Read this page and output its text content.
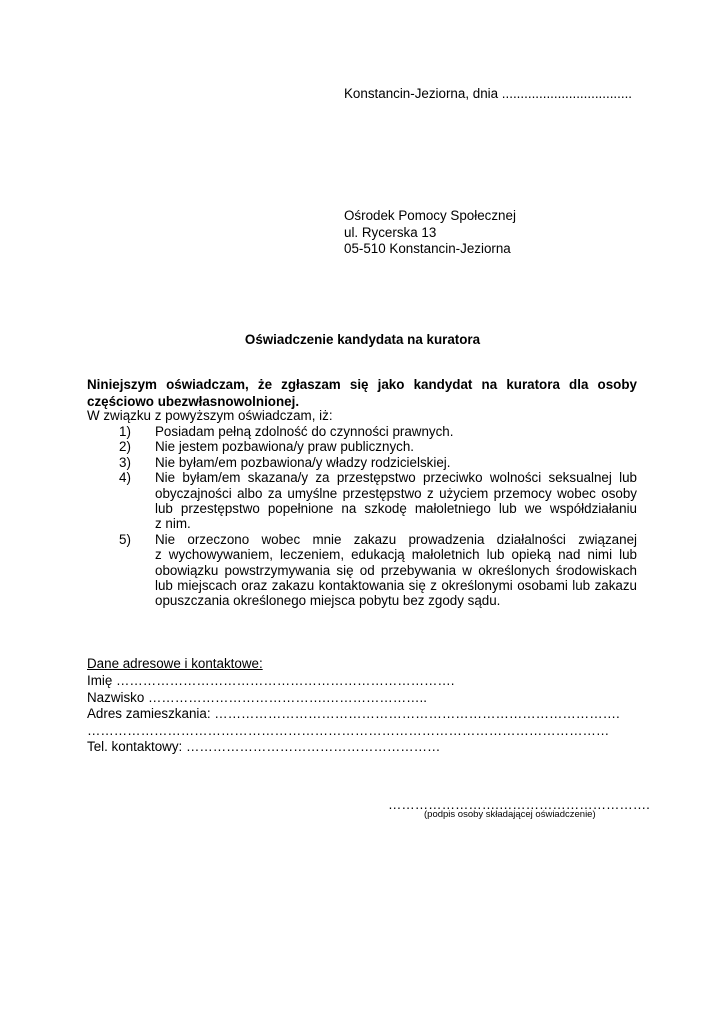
Konstancin-Jeziorna, dnia ...................................
Ośrodek Pomocy Społecznej
ul. Rycerska 13
05-510 Konstancin-Jeziorna
Oświadczenie kandydata na kuratora
Niniejszym oświadczam, że zgłaszam się jako kandydat na kuratora dla osoby
częściowo ubezwłasnowolnionej.
W związku z powyższym oświadczam, iż:
1) Posiadam pełną zdolność do czynności prawnych.
2) Nie jestem pozbawiona/y praw publicznych.
3) Nie byłam/em pozbawiona/y władzy rodzicielskiej.
4) Nie byłam/em skazana/y za przestępstwo przeciwko wolności seksualnej lub
obyczajności albo za umyślne przestępstwo z użyciem przemocy wobec osoby
lub przestępstwo popełnione na szkodę małoletniego lub we współdziałaniu
z nim.
5) Nie orzeczono wobec mnie zakazu prowadzenia działalności związanej
z wychowywaniem, leczeniem, edukacją małoletnich lub opieką nad nimi lub
obowiązku powstrzymywania się od przebywania w określonych środowiskach
lub miejscach oraz zakazu kontaktowania się z określonymi osobami lub zakazu
opuszczania określonego miejsca pobytu bez zgody sądu.
Dane adresowe i kontaktowe:
Imię ………………………………………………………………….
Nazwisko ………………………………….…………………..
Adres zamieszkania: ……………………………………………………………………………….
………………………………………………………………………………………………………
Tel. kontaktowy: …………………………………………………
…………………….…………………………….
(podpis osoby składającej oświadczenie)
